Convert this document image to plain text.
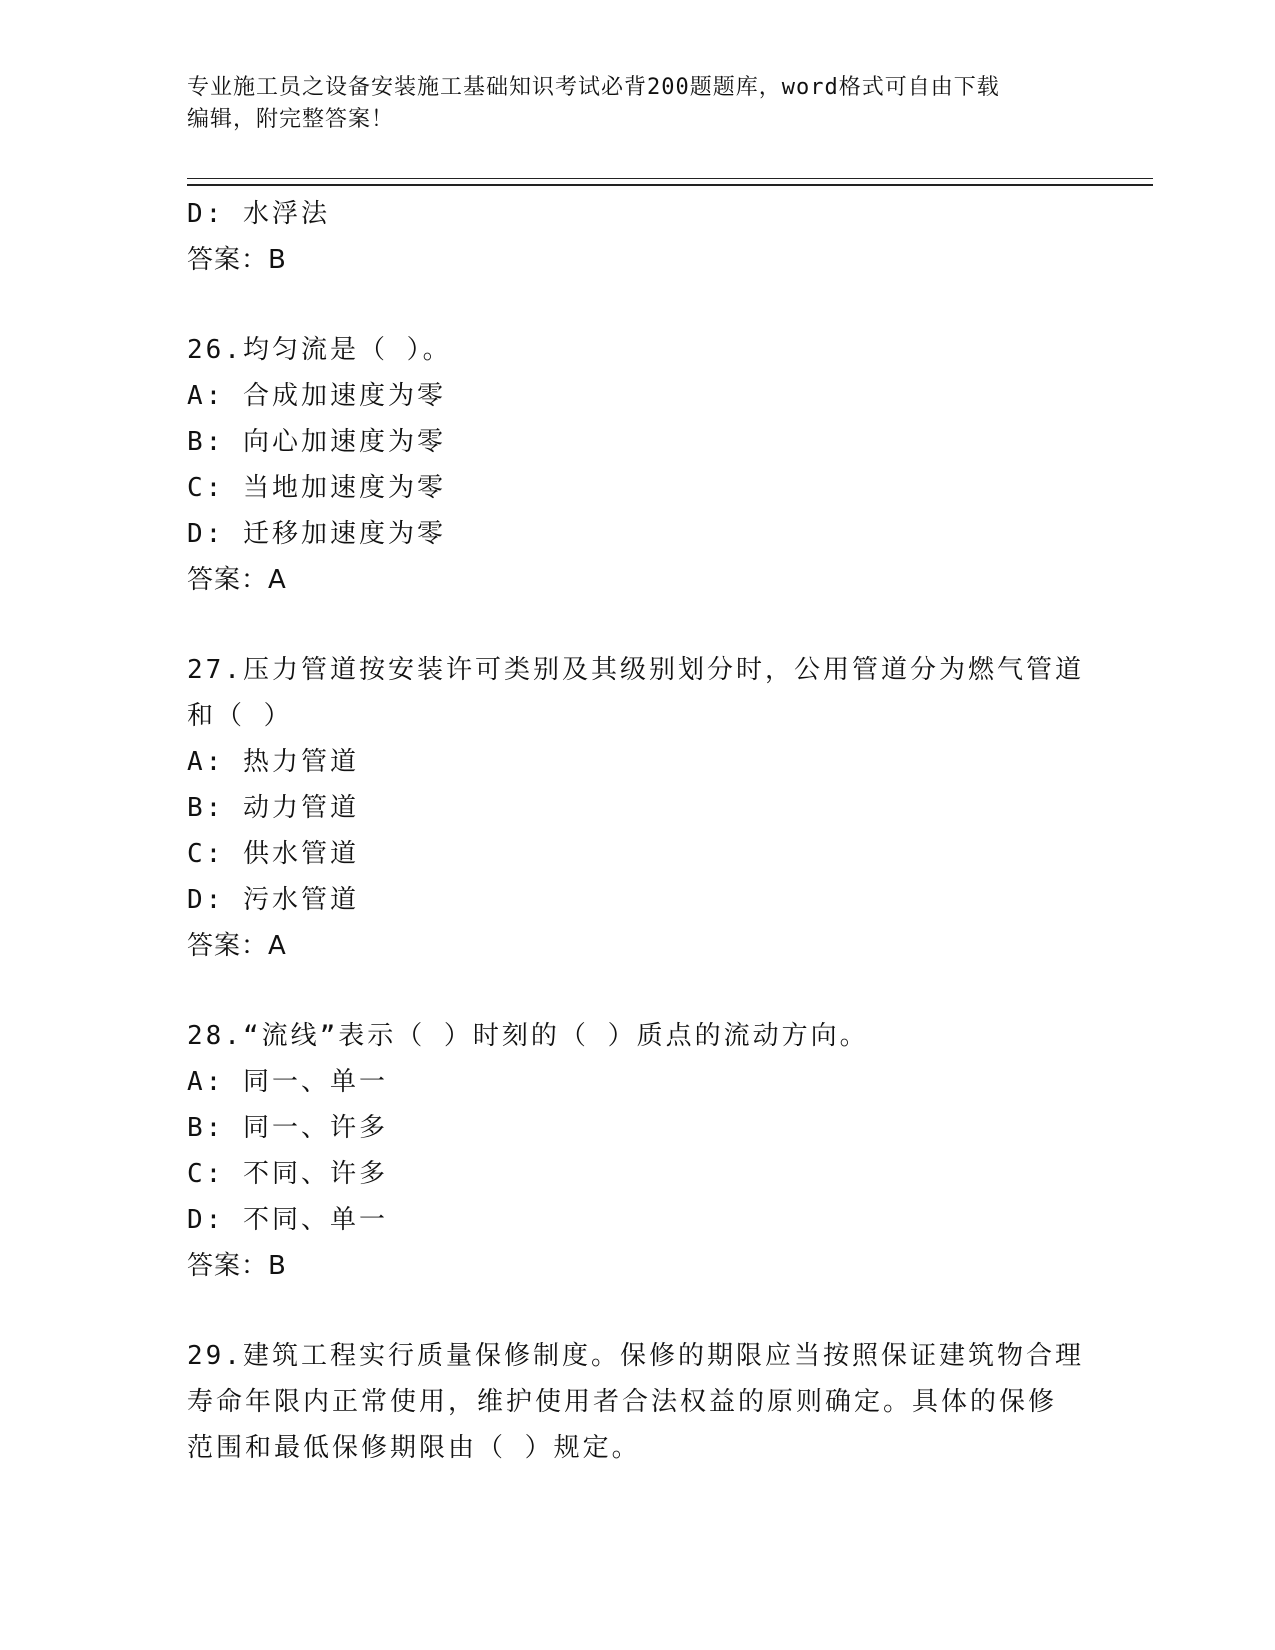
专业施工员之设备安装施工基础知识考试必背200题题库，word格式可自由下载
编辑，附完整答案！
D: 水浮法
答案：B
26.均匀流是（ ）。
A: 合成加速度为零
B: 向心加速度为零
C: 当地加速度为零
D: 迁移加速度为零
答案：A
27.压力管道按安装许可类别及其级别划分时，公用管道分为燃气管道
和（ ）
A: 热力管道
B: 动力管道
C: 供水管道
D: 污水管道
答案：A
28.“流线”表示（ ）时刻的（ ）质点的流动方向。
A: 同一、单一
B: 同一、许多
C: 不同、许多
D: 不同、单一
答案：B
29.建筑工程实行质量保修制度。保修的期限应当按照保证建筑物合理
寿命年限内正常使用，维护使用者合法权益的原则确定。具体的保修
范围和最低保修期限由（ ）规定。
